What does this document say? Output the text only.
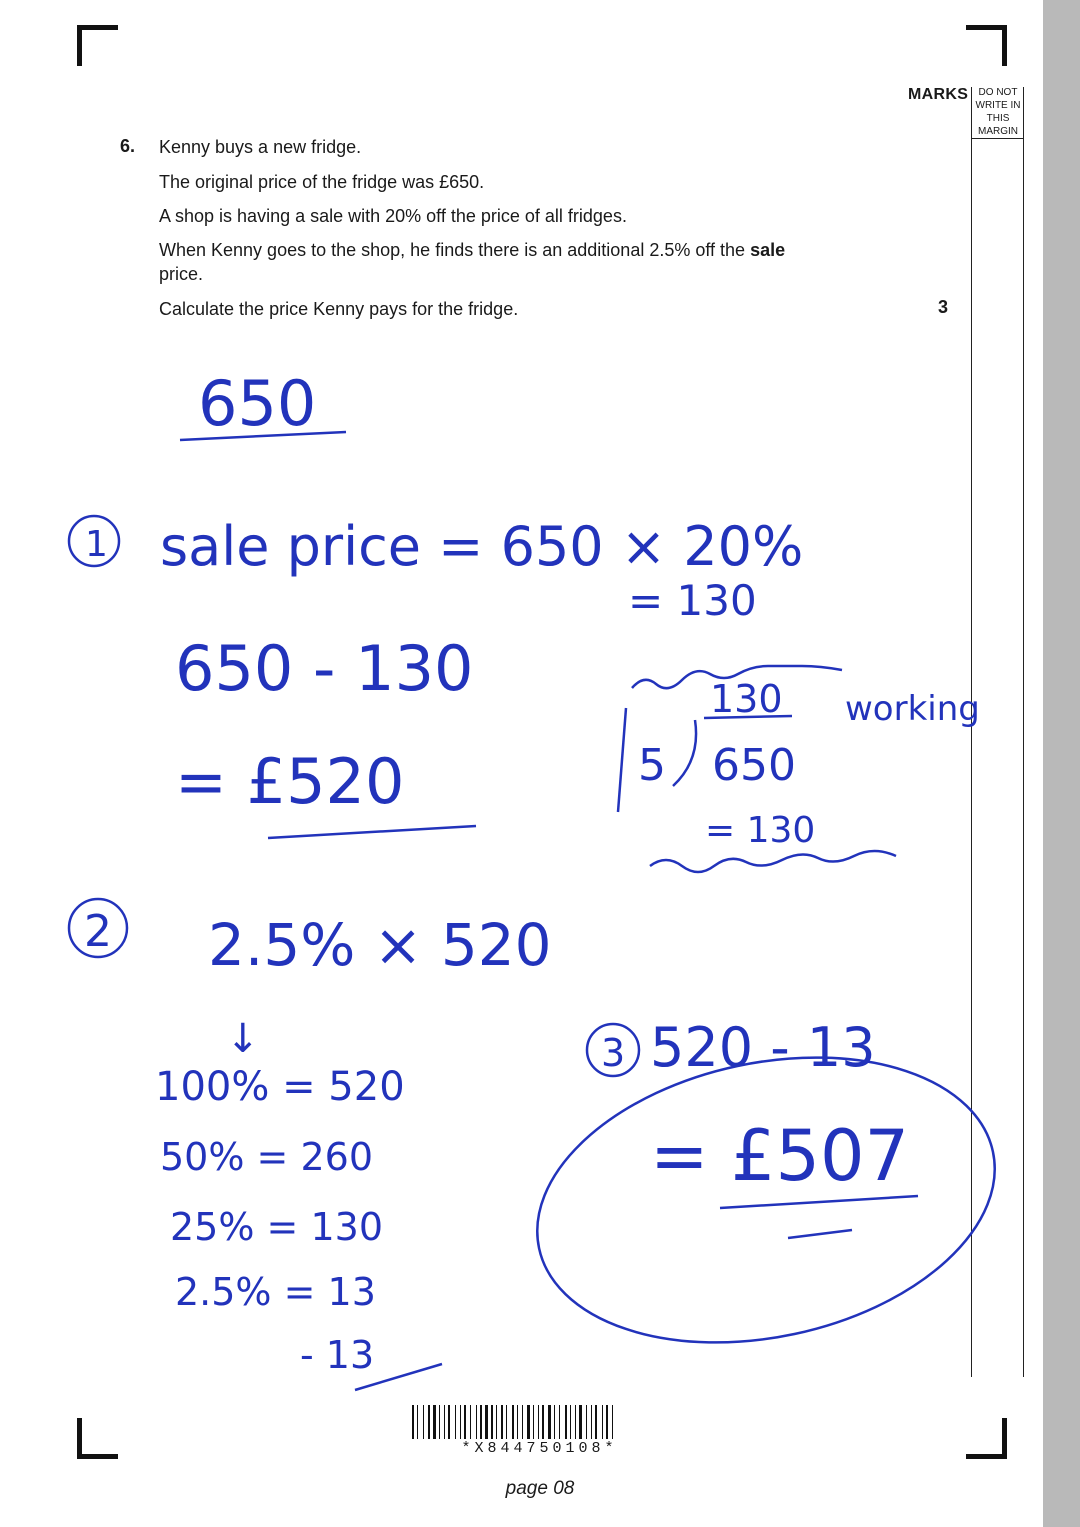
MARKS	DO NOT
WRITE IN
THIS
MARGIN
6. Kenny buys a new fridge.
The original price of the fridge was £650.
A shop is having a sale with 20% off the price of all fridges.
When Kenny goes to the shop, he finds there is an additional 2.5% off the sale
price.
Calculate the price Kenny pays for the fridge.	3
650
1 sale price = 650 × 20%
= 130
650 - 130
= £520
130
5 650
working
= 130
2 2.5% × 520
↓
100% = 520
50% = 260
25% = 130
2.5% = 13
- 13
3 520 - 13
= £507
*X844750108*
page 08
